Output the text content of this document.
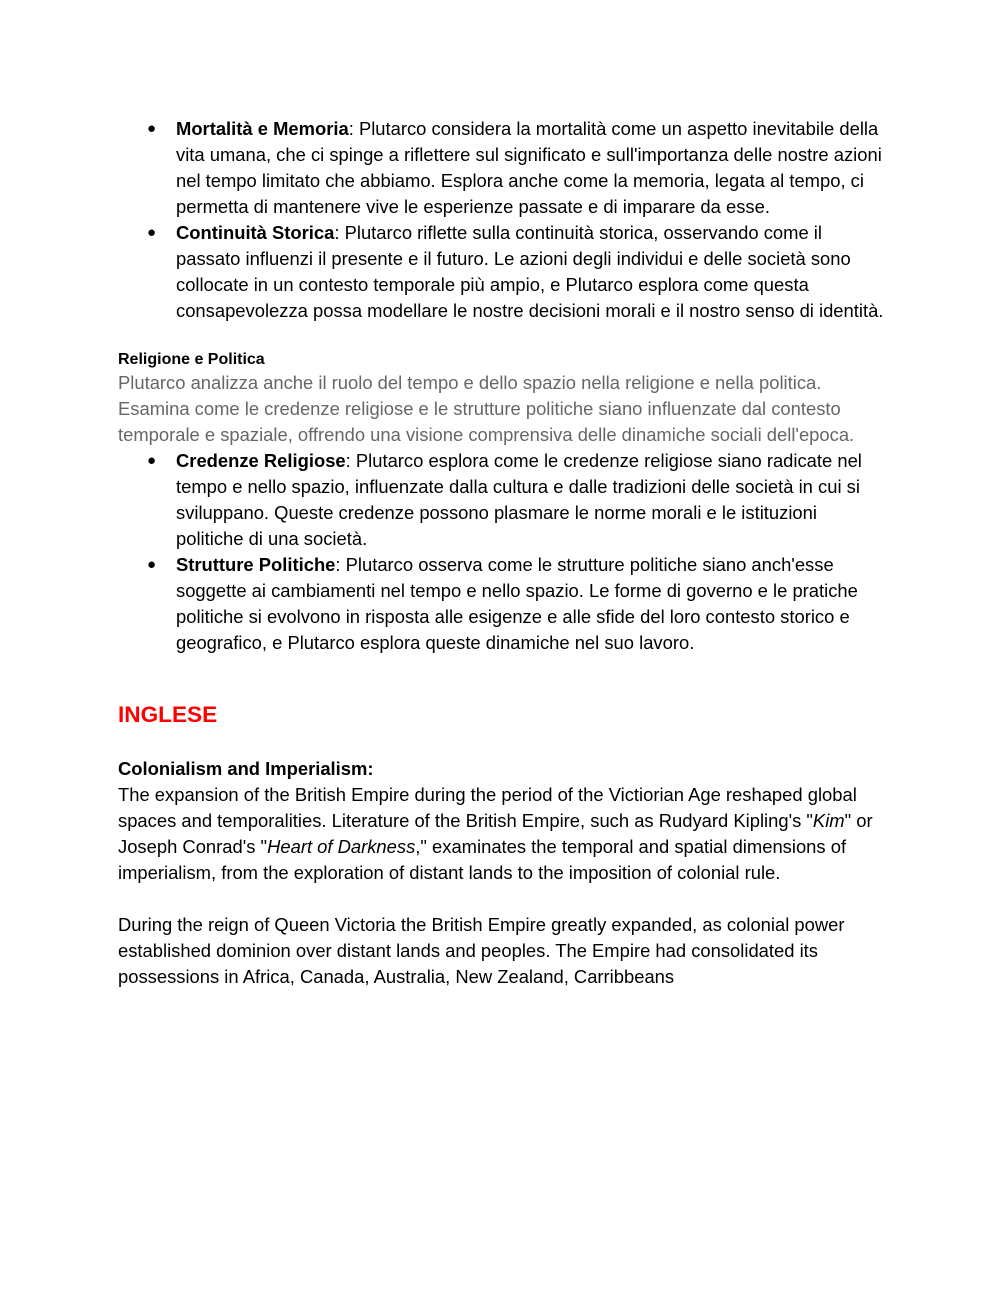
● Mortalità e Memoria: Plutarco considera la mortalità come un aspetto inevitabile della vita umana, che ci spinge a riflettere sul significato e sull'importanza delle nostre azioni nel tempo limitato che abbiamo. Esplora anche come la memoria, legata al tempo, ci permetta di mantenere vive le esperienze passate e di imparare da esse.
● Continuità Storica: Plutarco riflette sulla continuità storica, osservando come il passato influenzi il presente e il futuro. Le azioni degli individui e delle società sono collocate in un contesto temporale più ampio, e Plutarco esplora come questa consapevolezza possa modellare le nostre decisioni morali e il nostro senso di identità.
Religione e Politica

Plutarco analizza anche il ruolo del tempo e dello spazio nella religione e nella politica. Esamina come le credenze religiose e le strutture politiche siano influenzate dal contesto temporale e spaziale, offrendo una visione comprensiva delle dinamiche sociali dell'epoca.

● Credenze Religiose: Plutarco esplora come le credenze religiose siano radicate nel tempo e nello spazio, influenzate dalla cultura e dalle tradizioni delle società in cui si sviluppano. Queste credenze possono plasmare le norme morali e le istituzioni politiche di una società.
● Strutture Politiche: Plutarco osserva come le strutture politiche siano anch'esse soggette ai cambiamenti nel tempo e nello spazio. Le forme di governo e le pratiche politiche si evolvono in risposta alle esigenze e alle sfide del loro contesto storico e geografico, e Plutarco esplora queste dinamiche nel suo lavoro.
INGLESE
Colonialism and Imperialism:

The expansion of the British Empire during the period of the Victiorian Age reshaped global spaces and temporalities. Literature of the British Empire, such as Rudyard Kipling's "Kim" or Joseph Conrad's "Heart of Darkness," examinates the temporal and spatial dimensions of imperialism, from the exploration of distant lands to the imposition of colonial rule.

During the reign of Queen Victoria the British Empire greatly expanded, as colonial power established dominion over distant lands and peoples. The Empire had consolidated its possessions in Africa, Canada, Australia, New Zealand, Carribbeans
